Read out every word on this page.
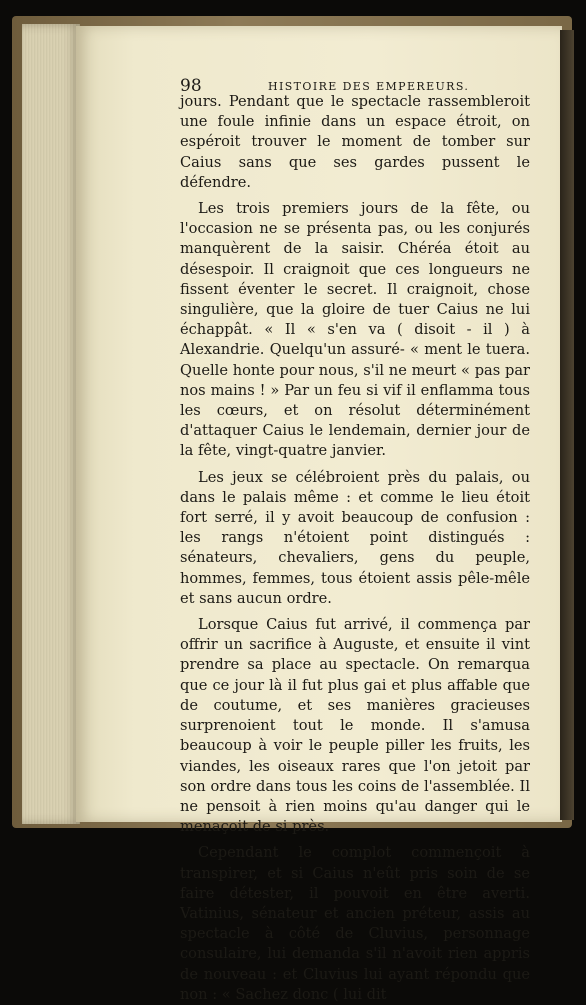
98	HISTOIRE DES EMPEREURS.

jours. Pendant que le spectacle rassembleroit une foule infinie dans un espace étroit, on espéroit trouver le moment de tomber sur Caius sans que ses gardes pussent le défendre.

Les trois premiers jours de la fête, ou l'occasion ne se présenta pas, ou les conjurés manquèrent de la saisir. Chéréa étoit au désespoir. Il craignoit que ces longueurs ne fissent éventer le secret. Il craignoit, chose singulière, que la gloire de tuer Caius ne lui échappât. « Il « s'en va ( disoit - il ) à Alexandrie. Quelqu'un assuré- « ment le tuera. Quelle honte pour nous, s'il ne meurt « pas par nos mains ! » Par un feu si vif il enflamma tous les cœurs, et on résolut déterminément d'attaquer Caius le lendemain, dernier jour de la fête, vingt-quatre janvier.

Les jeux se célébroient près du palais, ou dans le palais même : et comme le lieu étoit fort serré, il y avoit beaucoup de confusion : les rangs n'étoient point distingués : sénateurs, chevaliers, gens du peuple, hommes, femmes, tous étoient assis pêle-mêle et sans aucun ordre.

Lorsque Caius fut arrivé, il commença par offrir un sacrifice à Auguste, et ensuite il vint prendre sa place au spectacle. On remarqua que ce jour là il fut plus gai et plus affable que de coutume, et ses manières gracieuses surprenoient tout le monde. Il s'amusa beaucoup à voir le peuple piller les fruits, les viandes, les oiseaux rares que l'on jetoit par son ordre dans tous les coins de l'assemblée. Il ne pensoit à rien moins qu'au danger qui le menaçoit de si près.

Cependant le complot commençoit à transpirer, et si Caius n'eût pris soin de se faire détester, il pouvoit en être averti. Vatinius, sénateur et ancien préteur, assis au spectacle à côté de Cluvius, personnage consulaire, lui demanda s'il n'avoit rien appris de nouveau : et Cluvius lui ayant répondu que non : « Sachez donc ( lui dit
